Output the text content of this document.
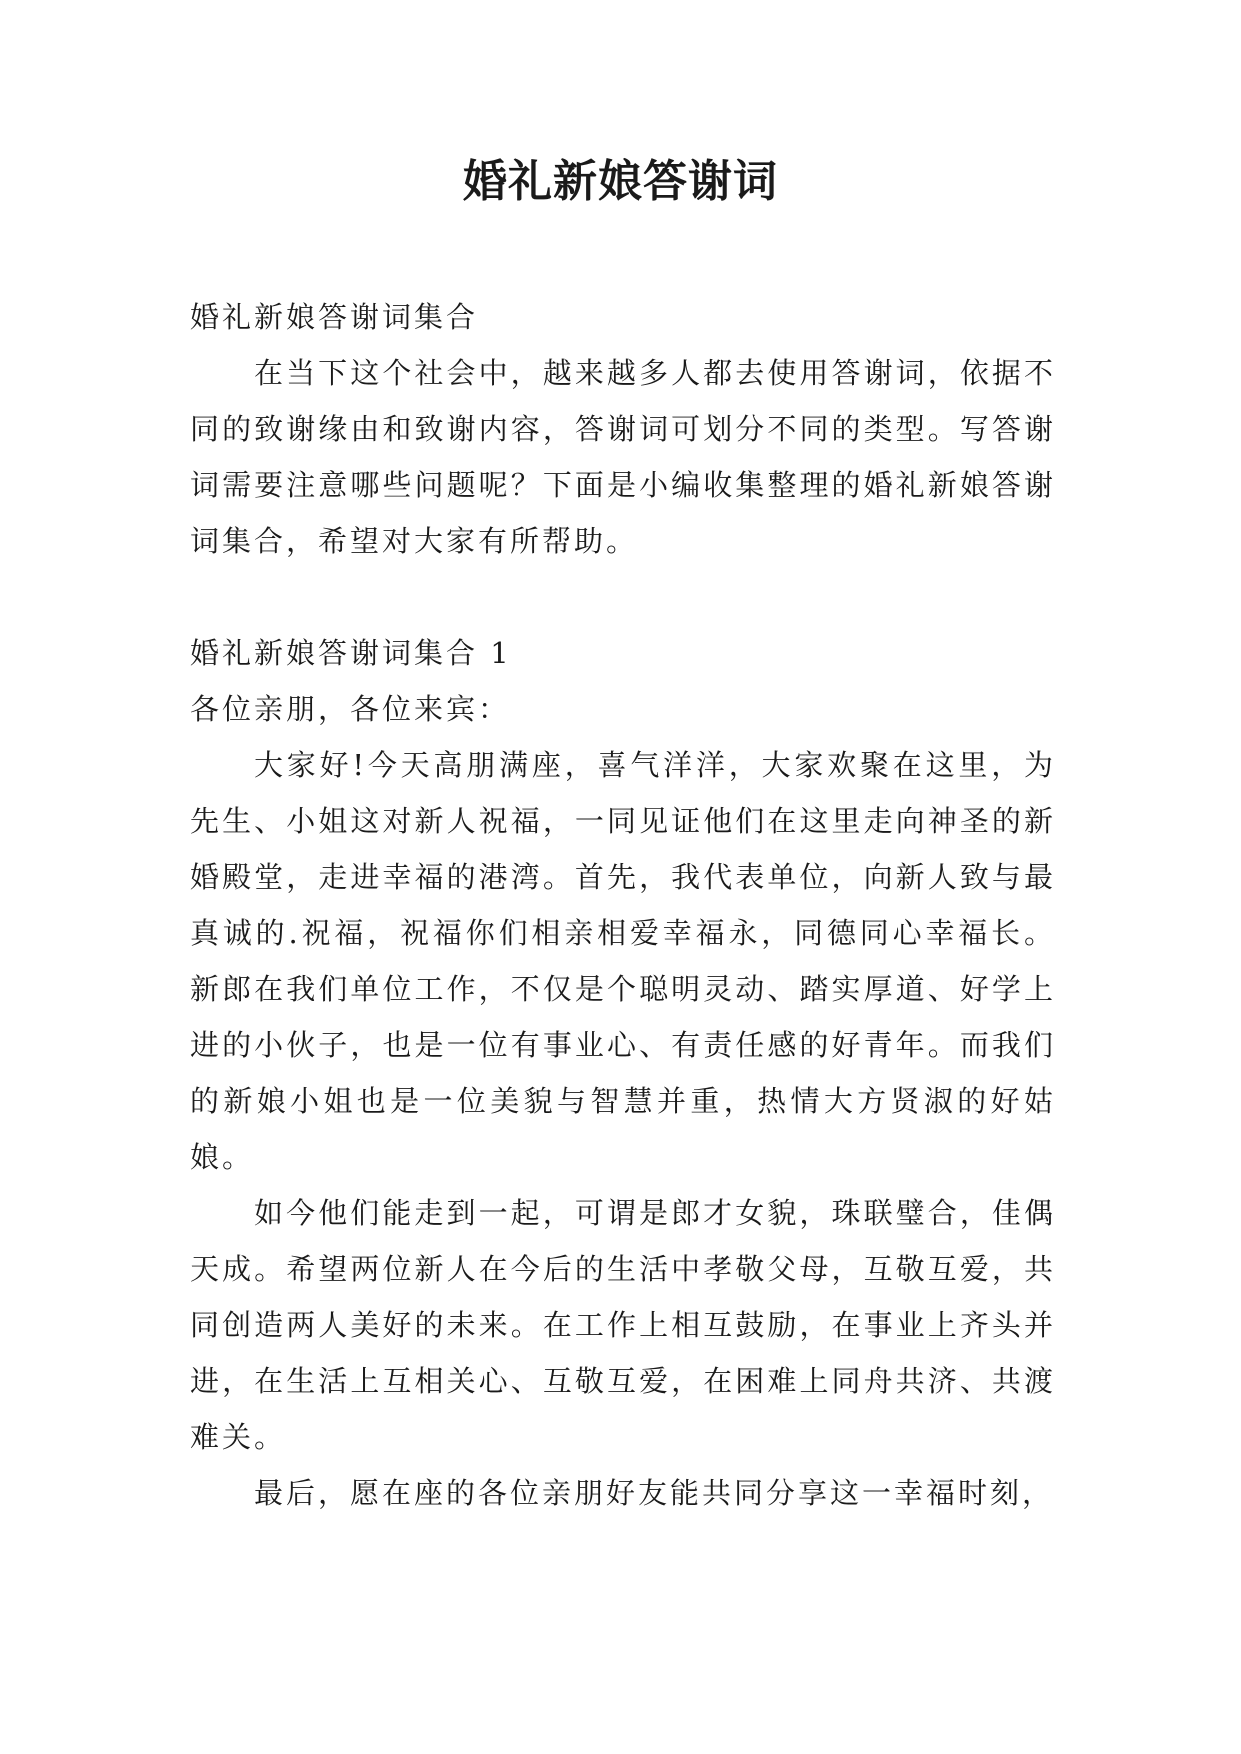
婚礼新娘答谢词

婚礼新娘答谢词集合

在当下这个社会中，越来越多人都去使用答谢词，依据不同的致谢缘由和致谢内容，答谢词可划分不同的类型。写答谢词需要注意哪些问题呢？下面是小编收集整理的婚礼新娘答谢词集合，希望对大家有所帮助。

婚礼新娘答谢词集合 1

各位亲朋，各位来宾：

大家好!今天高朋满座，喜气洋洋，大家欢聚在这里，为先生、小姐这对新人祝福，一同见证他们在这里走向神圣的新婚殿堂，走进幸福的港湾。首先，我代表单位，向新人致与最真诚的.祝福，祝福你们相亲相爱幸福永，同德同心幸福长。新郎在我们单位工作，不仅是个聪明灵动、踏实厚道、好学上进的小伙子，也是一位有事业心、有责任感的好青年。而我们的新娘小姐也是一位美貌与智慧并重，热情大方贤淑的好姑娘。

如今他们能走到一起，可谓是郎才女貌，珠联璧合，佳偶天成。希望两位新人在今后的生活中孝敬父母，互敬互爱，共同创造两人美好的未来。在工作上相互鼓励，在事业上齐头并进，在生活上互相关心、互敬互爱，在困难上同舟共济、共渡难关。

最后，愿在座的各位亲朋好友能共同分享这一幸福时刻，
